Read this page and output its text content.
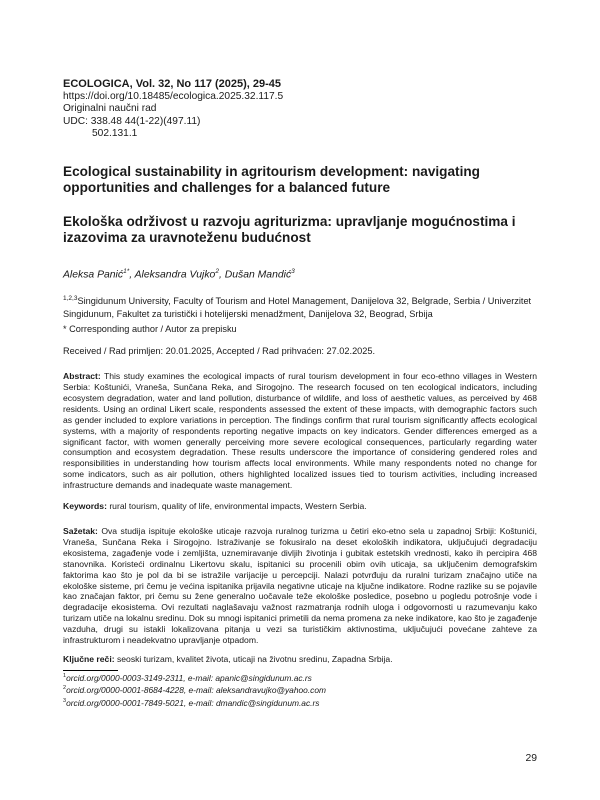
ECOLOGICA, Vol. 32, No 117 (2025), 29-45
https://doi.org/10.18485/ecologica.2025.32.117.5
Originalni naučni rad
UDC: 338.48 44(1-22)(497.11)
502.131.1
Ecological sustainability in agritourism development: navigating opportunities and challenges for a balanced future
Ekološka održivost u razvoju agriturizma: upravljanje mogućnostima i izazovima za uravnoteženu budućnost
Aleksa Panić$^{1*}$, Aleksandra Vujko$^2$, Dušan Mandić$^3$
$^{1,2,3}$Singidunum University, Faculty of Tourism and Hotel Management, Danijelova 32, Belgrade, Serbia / Univerzitet Singidunum, Fakultet za turistički i hotelijerski menadžment, Danijelova 32, Beograd, Srbija
* Corresponding author / Autor za prepisku
Received / Rad primljen: 20.01.2025, Accepted / Rad prihvaćen: 27.02.2025.
Abstract: This study examines the ecological impacts of rural tourism development in four eco-ethno villages in Western Serbia: Koštunići, Vraneša, Sunčana Reka, and Sirogojno. The research focused on ten ecological indicators, including ecosystem degradation, water and land pollution, disturbance of wildlife, and loss of aesthetic values, as perceived by 468 residents. Using an ordinal Likert scale, respondents assessed the extent of these impacts, with demographic factors such as gender included to explore variations in perception. The findings confirm that rural tourism significantly affects ecological systems, with a majority of respondents reporting negative impacts on key indicators. Gender differences emerged as a significant factor, with women generally perceiving more severe ecological consequences, particularly regarding water consumption and ecosystem degradation. These results underscore the importance of considering gendered roles and responsibilities in understanding how tourism affects local environments. While many respondents noted no change for some indicators, such as air pollution, others highlighted localized issues tied to tourism activities, including increased infrastructure demands and inadequate waste management.
Keywords: rural tourism, quality of life, environmental impacts, Western Serbia.
Sažetak: Ova studija ispituje ekološke uticaje razvoja ruralnog turizma u četiri eko-etno sela u zapadnoj Srbiji: Koštunići, Vraneša, Sunčana Reka i Sirogojno. Istraživanje se fokusiralo na deset ekoloških indikatora, uključujući degradaciju ekosistema, zagađenje vode i zemljišta, uznemiravanje divljih životinja i gubitak estetskih vrednosti, kako ih percipira 468 stanovnika. Koristeći ordinalnu Likertovu skalu, ispitanici su procenili obim ovih uticaja, sa uključenim demografskim faktorima kao što je pol da bi se istražile varijacije u percepciji. Nalazi potvrđuju da ruralni turizam značajno utiče na ekološke sisteme, pri čemu je većina ispitanika prijavila negativne uticaje na ključne indikatore. Rodne razlike su se pojavile kao značajan faktor, pri čemu su žene generalno uočavale teže ekološke posledice, posebno u pogledu potrošnje vode i degradacije ekosistema. Ovi rezultati naglašavaju važnost razmatranja rodnih uloga i odgovornosti u razumevanju kako turizam utiče na lokalnu sredinu. Dok su mnogi ispitanici primetili da nema promena za neke indikatore, kao što je zagađenje vazduha, drugi su istakli lokalizovana pitanja u vezi sa turističkim aktivnostima, uključujući povećane zahteve za infrastrukturom i neadekvatno upravljanje otpadom.
Ključne reči: seoski turizam, kvalitet života, uticaji na životnu sredinu, Zapadna Srbija.
$^1$orcid.org/0000-0003-3149-2311, e-mail: apanic@singidunum.ac.rs
$^2$orcid.org/0000-0001-8684-4228, e-mail: aleksandravujko@yahoo.com
$^3$orcid.org/0000-0001-7849-5021, e-mail: dmandic@singidunum.ac.rs
29
